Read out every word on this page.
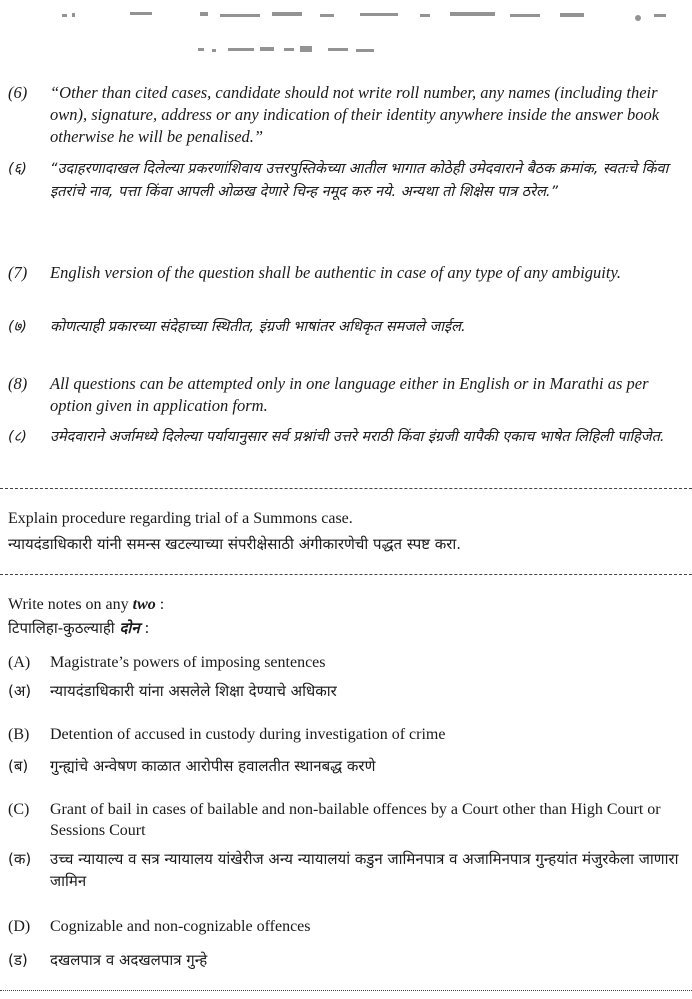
(6)	“Other than cited cases, candidate should not write roll number, any names (including their own), signature, address or any indication of their identity anywhere inside the answer book otherwise he will be penalised.”
(६)	“उदाहरणादाखल दिलेल्या प्रकरणांशिवाय उत्तरपुस्तिकेच्या आतील भागात कोठेही उमेदवाराने बैठक क्रमांक, स्वतःचे किंवा इतरांचे नाव, पत्ता किंवा आपली ओळख देणारे चिन्ह नमूद करु नये. अन्यथा तो शिक्षेस पात्र ठरेल.”
(7)	English version of the question shall be authentic in case of any type of any ambiguity.
(७)	कोणत्याही प्रकारच्या संदेहाच्या स्थितीत, इंग्रजी भाषांतर अधिकृत समजले जाईल.
(8)	All questions can be attempted only in one language either in English or in Marathi as per option given in application form.
(८)	उमेदवाराने अर्जामध्ये दिलेल्या पर्यायानुसार सर्व प्रश्नांची उत्तरे मराठी किंवा इंग्रजी यापैकी एकाच भाषेत लिहिली पाहिजेत.
Explain procedure regarding trial of a Summons case.
न्यायदंडाधिकारी यांनी समन्स खटल्याच्या संपरीक्षेसाठी अंगीकारणेची पद्धत स्पष्ट करा.
Write notes on any two :
टिपालिहा-कुठल्याही दोन :
(A)	Magistrate’s powers of imposing sentences
(अ)	न्यायदंडाधिकारी यांना असलेले शिक्षा देण्याचे अधिकार
(B)	Detention of accused in custody during investigation of crime
(ब)	गुन्ह्यांचे अन्वेषण काळात आरोपीस हवालतीत स्थानबद्ध करणे
(C)	Grant of bail in cases of bailable and non-bailable offences by a Court other than High Court or Sessions Court
(क)	उच्च न्यायाल्य व सत्र न्यायालय यांखेरीज अन्य न्यायालयां कडुन जामिनपात्र व अजामिनपात्र गुन्हयांत मंजुरकेला जाणारा जामिन
(D)	Cognizable and non-cognizable offences
(ड)	दखलपात्र व अदखलपात्र गुन्हे
